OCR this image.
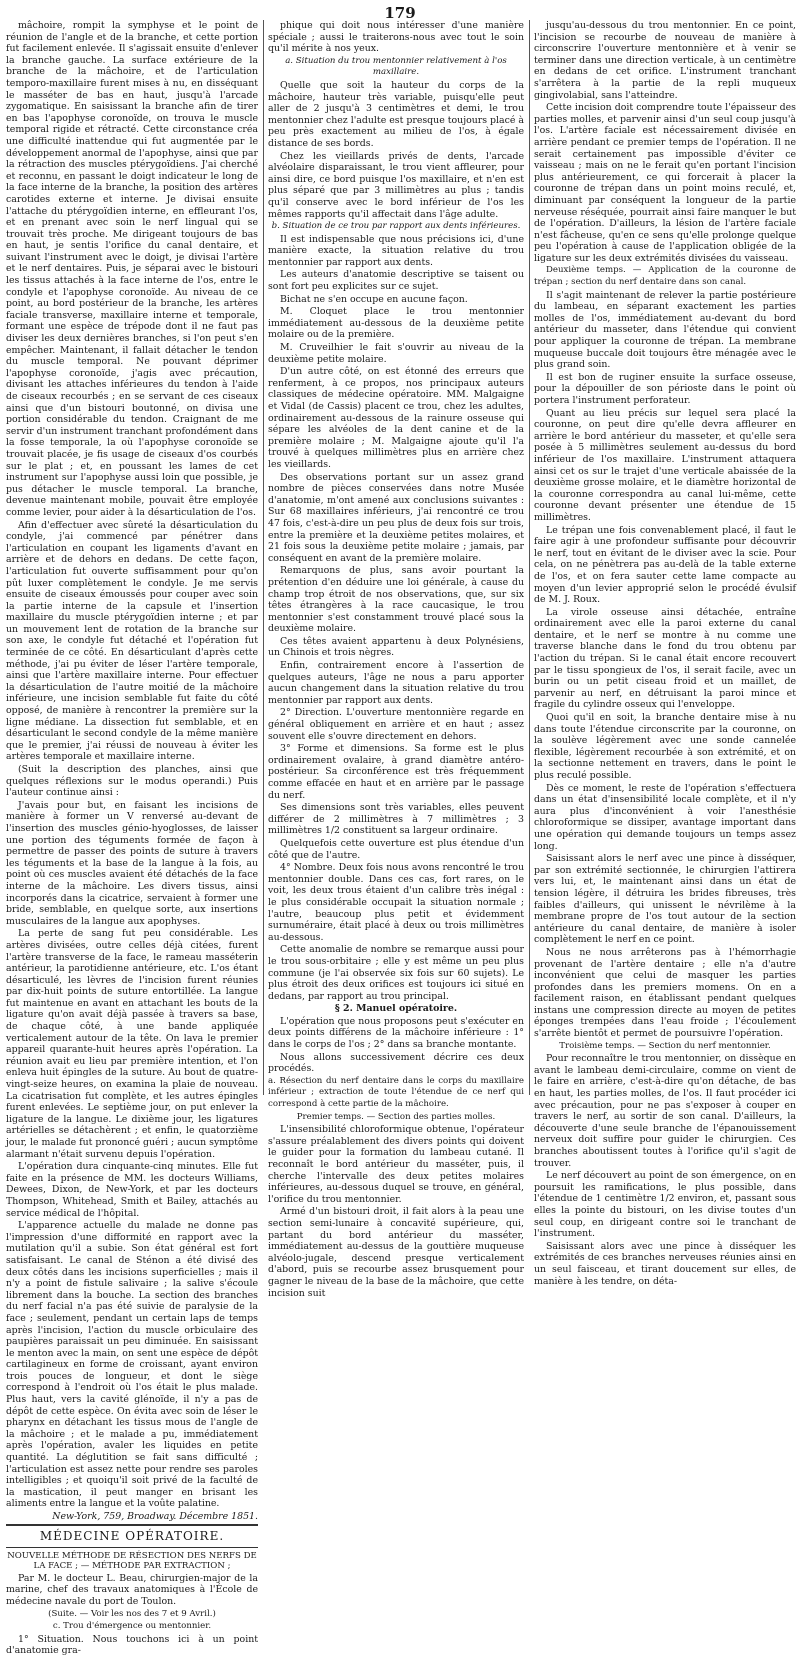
179

mâchoire, rompit la symphyse et le point de réunion de l'angle et de la branche, et cette portion fut facilement enlevée. Il s'agissait ensuite d'enlever la branche gauche. La surface extérieure de la branche de la mâchoire, et de l'articulation temporo-maxillaire furent mises à nu, en disséquant le masséter de bas en haut, jusqu'à l'arcade zygomatique. En saisissant la branche afin de tirer en bas l'apophyse coronoïde, on trouva le muscle temporal rigide et rétracté. Cette circonstance créa une difficulté inattendue qui fut augmentée par le développement anormal de l'apophyse, ainsi que par la rétraction des muscles ptérygoïdiens. J'ai cherché et reconnu, en passant le doigt indicateur le long de la face interne de la branche, la position des artères carotides externe et interne. Je divisai ensuite l'attache du ptérygoïdien interne, en effleurant l'os, et en prenant avec soin le nerf lingual qui se trouvait très proche. Me dirigeant toujours de bas en haut, je sentis l'orifice du canal dentaire, et suivant l'instrument avec le doigt, je divisai l'artère et le nerf dentaires. Puis, je séparai avec le bistouri les tissus attachés à la face interne de l'os, entre le condyle et l'apophyse coronoïde. Au niveau de ce point, au bord postérieur de la branche, les artères faciale transverse, maxillaire interne et temporale, formant une espèce de trépode dont il ne faut pas diviser les deux dernières branches, si l'on peut s'en empêcher. Maintenant, il fallait détacher le tendon du muscle temporal. Ne pouvant déprimer l'apophyse coronoïde, j'agis avec précaution, divisant les attaches inférieures du tendon à l'aide de ciseaux recourbés ; en se servant de ces ciseaux ainsi que d'un bistouri boutonné, on divisa une portion considérable du tendon. Craignant de me servir d'un instrument tranchant profondément dans la fosse temporale, la où l'apophyse coronoïde se trouvait placée, je fis usage de ciseaux d'os courbés sur le plat ; et, en poussant les lames de cet instrument sur l'apophyse aussi loin que possible, je pus détacher le muscle temporal. La branche, devenue maintenant mobile, pouvait être employée comme levier, pour aider à la désarticulation de l'os.

Afin d'effectuer avec sûreté la désarticulation du condyle, j'ai commencé par pénétrer dans l'articulation en coupant les ligaments d'avant en arrière et de dehors en dedans. De cette façon, l'articulation fut ouverte suffisamment pour qu'on pût luxer complètement le condyle. Je me servis ensuite de ciseaux émoussés pour couper avec soin la partie interne de la capsule et l'insertion maxillaire du muscle ptérygoïdien interne ; et par un mouvement lent de rotation de la branche sur son axe, le condyle fut détaché et l'opération fut terminée de ce côté. En désarticulant d'après cette méthode, j'ai pu éviter de léser l'artère temporale, ainsi que l'artère maxillaire interne. Pour effectuer la désarticulation de l'autre moitié de la mâchoire inférieure, une incision semblable fut faite du côté opposé, de manière à rencontrer la première sur la ligne médiane. La dissection fut semblable, et en désarticulant le second condyle de la même manière que le premier, j'ai réussi de nouveau à éviter les artères temporale et maxillaire interne.

(Suit la description des planches, ainsi que quelques réflexions sur le modus operandi.) Puis l'auteur continue ainsi :

J'avais pour but, en faisant les incisions de manière à former un V renversé au-devant de l'insertion des muscles génio-hyoglosses, de laisser une portion des téguments formée de façon à permettre de passer des points de suture à travers les téguments et la base de la langue à la fois, au point où ces muscles avaient été détachés de la face interne de la mâchoire. Les divers tissus, ainsi incorporés dans la cicatrice, servaient à former une bride, semblable, en quelque sorte, aux insertions musculaires de la langue aux apophyses.

La perte de sang fut peu considérable. Les artères divisées, outre celles déjà citées, furent l'artère transverse de la face, le rameau masséterin antérieur, la parotidienne antérieure, etc. L'os étant désarticulé, les lèvres de l'incision furent réunies par dix-huit points de suture entortillée. La langue fut maintenue en avant en attachant les bouts de la ligature qu'on avait déjà passée à travers sa base, de chaque côté, à une bande appliquée verticalement autour de la tête. On lava le premier appareil quarante-huit heures après l'opération. La réunion avait eu lieu par première intention, et l'on enleva huit épingles de la suture. Au bout de quatre-vingt-seize heures, on examina la plaie de nouveau. La cicatrisation fut complète, et les autres épingles furent enlevées. Le septième jour, on put enlever la ligature de la langue. Le dixième jour, les ligatures artérielles se détachèrent ; et enfin, le quatorzième jour, le malade fut prononcé guéri ; aucun symptôme alarmant n'était survenu depuis l'opération.

L'opération dura cinquante-cinq minutes. Elle fut faite en la présence de MM. les docteurs Williams, Dewees, Dixon, de New-York, et par les docteurs Thompson, Whitehead, Smith et Bailey, attachés au service médical de l'hôpital.

L'apparence actuelle du malade ne donne pas l'impression d'une difformité en rapport avec la mutilation qu'il a subie. Son état général est fort satisfaisant. Le canal de Sténon a été divisé des deux côtés dans les incisions superficielles ; mais il n'y a point de fistule salivaire ; la salive s'écoule librement dans la bouche. La section des branches du nerf facial n'a pas été suivie de paralysie de la face ; seulement, pendant un certain laps de temps après l'incision, l'action du muscle orbiculaire des paupières paraissait un peu diminuée. En saisissant le menton avec la main, on sent une espèce de dépôt cartilagineux en forme de croissant, ayant environ trois pouces de longueur, et dont le siège correspond à l'endroit où l'os était le plus malade. Plus haut, vers la cavité glénoïde, il n'y a pas de dépôt de cette espèce. On évita avec soin de léser le pharynx en détachant les tissus mous de l'angle de la mâchoire ; et le malade a pu, immédiatement après l'opération, avaler les liquides en petite quantité. La déglutition se fait sans difficulté ; l'articulation est assez nette pour rendre ses paroles intelligibles ; et quoiqu'il soit privé de la faculté de la mastication, il peut manger en brisant les aliments entre la langue et la voûte palatine.

New-York, 759, Broadway. Décembre 1851.

MÉDECINE OPÉRATOIRE.

NOUVELLE MÉTHODE DE RÉSECTION DES NERFS DE LA FACE ; — MÉTHODE PAR EXTRACTION ;

Par M. le docteur L. Beau, chirurgien-major de la marine, chef des travaux anatomiques à l'École de médecine navale du port de Toulon.

(Suite. — Voir les nos des 7 et 9 Avril.)

c. Trou d'émergence ou mentonnier.

1° Situation. Nous touchons ici à un point d'anatomie gra-

phique qui doit nous intéresser d'une manière spéciale ; aussi le traiterons-nous avec tout le soin qu'il mérite à nos yeux.

a. Situation du trou mentonnier relativement à l'os maxillaire.

Quelle que soit la hauteur du corps de la mâchoire, hauteur très variable, puisqu'elle peut aller de 2 jusqu'à 3 centimètres et demi, le trou mentonnier chez l'adulte est presque toujours placé à peu près exactement au milieu de l'os, à égale distance de ses bords.

Chez les vieillards privés de dents, l'arcade alvéolaire disparaissant, le trou vient affleurer, pour ainsi dire, ce bord puisque l'os maxillaire, et n'en est plus séparé que par 3 millimètres au plus ; tandis qu'il conserve avec le bord inférieur de l'os les mêmes rapports qu'il affectait dans l'âge adulte.

b. Situation de ce trou par rapport aux dents inférieures.

Il est indispensable que nous précisions ici, d'une manière exacte, la situation relative du trou mentonnier par rapport aux dents.

Les auteurs d'anatomie descriptive se taisent ou sont fort peu explicites sur ce sujet.

Bichat ne s'en occupe en aucune façon.

M. Cloquet place le trou mentonnier immédiatement au-dessous de la deuxième petite molaire ou de la première.

M. Cruveilhier le fait s'ouvrir au niveau de la deuxième petite molaire.

D'un autre côté, on est étonné des erreurs que renferment, à ce propos, nos principaux auteurs classiques de médecine opératoire. MM. Malgaigne et Vidal (de Cassis) placent ce trou, chez les adultes, ordinairement au-dessous de la rainure osseuse qui sépare les alvéoles de la dent canine et de la première molaire ; M. Malgaigne ajoute qu'il l'a trouvé à quelques millimètres plus en arrière chez les vieillards.

Des observations portant sur un assez grand nombre de pièces conservées dans notre Musée d'anatomie, m'ont amené aux conclusions suivantes : Sur 68 maxillaires inférieurs, j'ai rencontré ce trou 47 fois, c'est-à-dire un peu plus de deux fois sur trois, entre la première et la deuxième petites molaires, et 21 fois sous la deuxième petite molaire ; jamais, par conséquent en avant de la première molaire.

Remarquons de plus, sans avoir pourtant la prétention d'en déduire une loi générale, à cause du champ trop étroit de nos observations, que, sur six têtes étrangères à la race caucasique, le trou mentonnier s'est constamment trouvé placé sous la deuxième molaire.

Ces têtes avaient appartenu à deux Polynésiens, un Chinois et trois nègres.

Enfin, contrairement encore à l'assertion de quelques auteurs, l'âge ne nous a paru apporter aucun changement dans la situation relative du trou mentonnier par rapport aux dents.

2° Direction. L'ouverture mentonnière regarde en général obliquement en arrière et en haut ; assez souvent elle s'ouvre directement en dehors.

3° Forme et dimensions. Sa forme est le plus ordinairement ovalaire, à grand diamètre antéro-postérieur. Sa circonférence est très fréquemment comme effacée en haut et en arrière par le passage du nerf.

Ses dimensions sont très variables, elles peuvent différer de 2 millimètres à 7 millimètres ; 3 millimètres 1/2 constituent sa largeur ordinaire.

Quelquefois cette ouverture est plus étendue d'un côté que de l'autre.

4° Nombre. Deux fois nous avons rencontré le trou mentonnier double. Dans ces cas, fort rares, on le voit, les deux trous étaient d'un calibre très inégal : le plus considérable occupait la situation normale ; l'autre, beaucoup plus petit et évidemment surnuméraire, était placé à deux ou trois millimètres au-dessous.

Cette anomalie de nombre se remarque aussi pour le trou sous-orbitaire ; elle y est même un peu plus commune (je l'ai observée six fois sur 60 sujets). Le plus étroit des deux orifices est toujours ici situé en dedans, par rapport au trou principal.

§ 2. Manuel opératoire.

L'opération que nous proposons peut s'exécuter en deux points différens de la mâchoire inférieure : 1° dans le corps de l'os ; 2° dans sa branche montante.

Nous allons successivement décrire ces deux procédés.

a. Résection du nerf dentaire dans le corps du maxillaire inférieur ; extraction de toute l'étendue de ce nerf qui correspond à cette partie de la mâchoire.

Premier temps. — Section des parties molles.

L'insensibilité chloroformique obtenue, l'opérateur s'assure préalablement des divers points qui doivent le guider pour la formation du lambeau cutané. Il reconnaît le bord antérieur du masséter, puis, il cherche l'intervalle des deux petites molaires inférieures, au-dessous duquel se trouve, en général, l'orifice du trou mentonnier.

Armé d'un bistouri droit, il fait alors à la peau une section semi-lunaire à concavité supérieure, qui, partant du bord antérieur du masséter, immédiatement au-dessus de la gouttière muqueuse alvéolo-jugale, descend presque verticalement d'abord, puis se recourbe assez brusquement pour gagner le niveau de la base de la mâchoire, que cette incision suit

jusqu'au-dessous du trou mentonnier. En ce point, l'incision se recourbe de nouveau de manière à circonscrire l'ouverture mentonnière et à venir se terminer dans une direction verticale, à un centimètre en dedans de cet orifice. L'instrument tranchant s'arrêtera à la partie de la repli muqueux gingivolabial, sans l'atteindre.

Cette incision doit comprendre toute l'épaisseur des parties molles, et parvenir ainsi d'un seul coup jusqu'à l'os. L'artère faciale est nécessairement divisée en arrière pendant ce premier temps de l'opération. Il ne serait certainement pas impossible d'éviter ce vaisseau ; mais on ne le ferait qu'en portant l'incision plus antérieurement, ce qui forcerait à placer la couronne de trépan dans un point moins reculé, et, diminuant par conséquent la longueur de la partie nerveuse réséquée, pourrait ainsi faire manquer le but de l'opération. D'ailleurs, la lésion de l'artère faciale n'est fâcheuse, qu'en ce sens qu'elle prolonge quelque peu l'opération à cause de l'application obligée de la ligature sur les deux extrémités divisées du vaisseau.

Deuxième temps. — Application de la couronne de trépan ; section du nerf dentaire dans son canal.

Il s'agit maintenant de relever la partie postérieure du lambeau, en séparant exactement les parties molles de l'os, immédiatement au-devant du bord antérieur du masseter, dans l'étendue qui convient pour appliquer la couronne de trépan. La membrane muqueuse buccale doit toujours être ménagée avec le plus grand soin.

Il est bon de ruginer ensuite la surface osseuse, pour la dépouiller de son périoste dans le point où portera l'instrument perforateur.

Quant au lieu précis sur lequel sera placé la couronne, on peut dire qu'elle devra affleurer en arrière le bord antérieur du masseter, et qu'elle sera posée à 5 millimètres seulement au-dessus du bord inférieur de l'os maxillaire. L'instrument attaquera ainsi cet os sur le trajet d'une verticale abaissée de la deuxième grosse molaire, et le diamètre horizontal de la couronne correspondra au canal lui-même, cette couronne devant présenter une étendue de 15 millimètres.

Le trépan une fois convenablement placé, il faut le faire agir à une profondeur suffisante pour découvrir le nerf, tout en évitant de le diviser avec la scie. Pour cela, on ne pénètrera pas au-delà de la table externe de l'os, et on fera sauter cette lame compacte au moyen d'un levier approprié selon le procédé évulsif de M. J. Roux.

La virole osseuse ainsi détachée, entraîne ordinairement avec elle la paroi externe du canal dentaire, et le nerf se montre à nu comme une traverse blanche dans le fond du trou obtenu par l'action du trépan. Si le canal était encore recouvert par le tissu spongieux de l'os, il serait facile, avec un burin ou un petit ciseau froid et un maillet, de parvenir au nerf, en détruisant la paroi mince et fragile du cylindre osseux qui l'enveloppe.

Quoi qu'il en soit, la branche dentaire mise à nu dans toute l'étendue circonscrite par la couronne, on la soulève légèrement avec une sonde cannelée flexible, légèrement recourbée à son extrémité, et on la sectionne nettement en travers, dans le point le plus reculé possible.

Dès ce moment, le reste de l'opération s'effectuera dans un état d'insensibilité locale complète, et il n'y aura plus d'inconvénient à voir l'anesthésie chloroformique se dissiper, avantage important dans une opération qui demande toujours un temps assez long.

Saisissant alors le nerf avec une pince à disséquer, par son extrémité sectionnée, le chirurgien l'attirera vers lui, et, le maintenant ainsi dans un état de tension légère, il détruira les brides fibreuses, très faibles d'ailleurs, qui unissent le névrilème à la membrane propre de l'os tout autour de la section antérieure du canal dentaire, de manière à isoler complètement le nerf en ce point.

Nous ne nous arrêterons pas à l'hémorrhagie provenant de l'artère dentaire ; elle n'a d'autre inconvénient que celui de masquer les parties profondes dans les premiers momens. On en a facilement raison, en établissant pendant quelques instans une compression directe au moyen de petites éponges trempées dans l'eau froide ; l'écoulement s'arrête bientôt et permet de poursuivre l'opération.

Troisième temps. — Section du nerf mentonnier.

Pour reconnaître le trou mentonnier, on dissèque en avant le lambeau demi-circulaire, comme on vient de le faire en arrière, c'est-à-dire qu'on détache, de bas en haut, les parties molles, de l'os. Il faut procéder ici avec précaution, pour ne pas s'exposer à couper en travers le nerf, au sortir de son canal. D'ailleurs, la découverte d'une seule branche de l'épanouissement nerveux doit suffire pour guider le chirurgien. Ces branches aboutissent toutes à l'orifice qu'il s'agit de trouver.

Le nerf découvert au point de son émergence, on en poursuit les ramifications, le plus possible, dans l'étendue de 1 centimètre 1/2 environ, et, passant sous elles la pointe du bistouri, on les divise toutes d'un seul coup, en dirigeant contre soi le tranchant de l'instrument.

Saisissant alors avec une pince à disséquer les extrémités de ces branches nerveuses réunies ainsi en un seul faisceau, et tirant doucement sur elles, de manière à les tendre, on déta-
